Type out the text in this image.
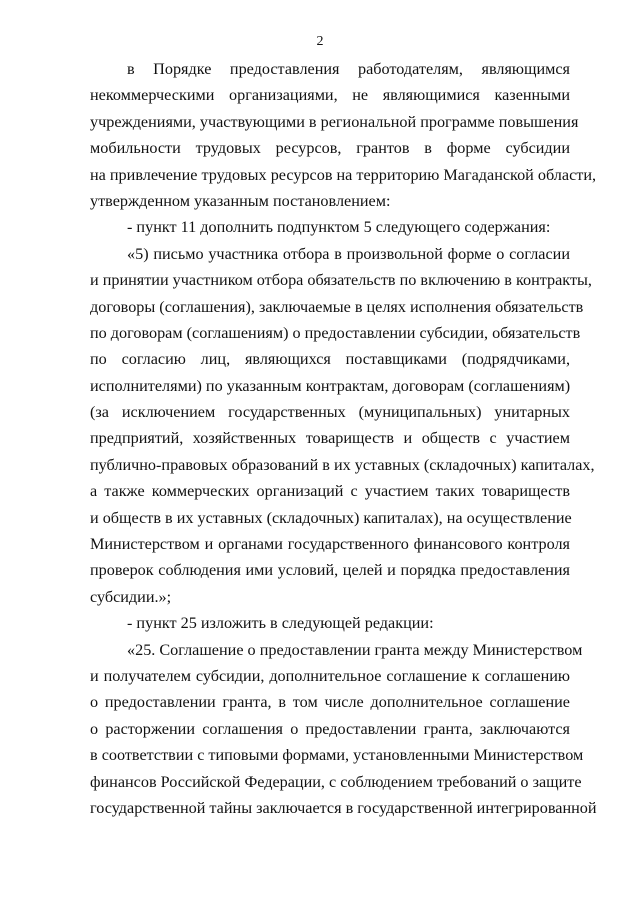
2
в Порядке предоставления работодателям, являющимся
некоммерческими организациями, не являющимися казенными
учреждениями, участвующими в региональной программе повышения
мобильности трудовых ресурсов, грантов в форме субсидии
на привлечение трудовых ресурсов на территорию Магаданской области,
утвержденном указанным постановлением:
- пункт 11 дополнить подпунктом 5 следующего содержания:
«5) письмо участника отбора в произвольной форме о согласии
и принятии участником отбора обязательств по включению в контракты,
договоры (соглашения), заключаемые в целях исполнения обязательств
по договорам (соглашениям) о предоставлении субсидии, обязательств
по согласию лиц, являющихся поставщиками (подрядчиками,
исполнителями) по указанным контрактам, договорам (соглашениям)
(за исключением государственных (муниципальных) унитарных
предприятий, хозяйственных товариществ и обществ с участием
публично-правовых образований в их уставных (складочных) капиталах,
а также коммерческих организаций с участием таких товариществ
и обществ в их уставных (складочных) капиталах), на осуществление
Министерством и органами государственного финансового контроля
проверок соблюдения ими условий, целей и порядка предоставления
субсидии.»;
- пункт 25 изложить в следующей редакции:
«25. Соглашение о предоставлении гранта между Министерством
и получателем субсидии, дополнительное соглашение к соглашению
о предоставлении гранта, в том числе дополнительное соглашение
о расторжении соглашения о предоставлении гранта, заключаются
в соответствии с типовыми формами, установленными Министерством
финансов Российской Федерации, с соблюдением требований о защите
государственной тайны заключается в государственной интегрированной
